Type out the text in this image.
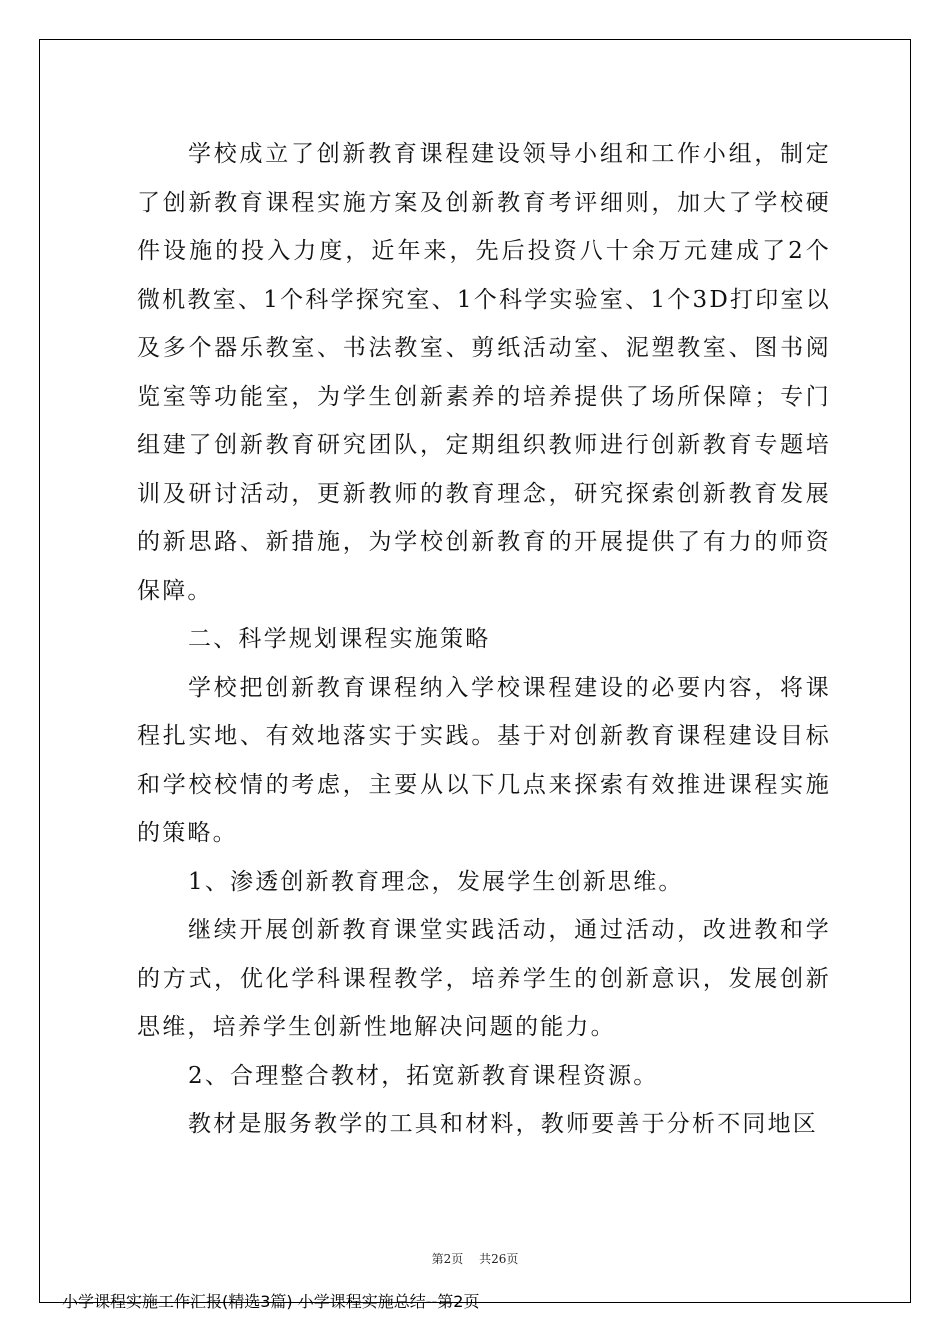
学校成立了创新教育课程建设领导小组和工作小组，制定了创新教育课程实施方案及创新教育考评细则，加大了学校硬件设施的投入力度，近年来，先后投资八十余万元建成了2个微机教室、1个科学探究室、1个科学实验室、1个3D打印室以及多个器乐教室、书法教室、剪纸活动室、泥塑教室、图书阅览室等功能室，为学生创新素养的培养提供了场所保障；专门组建了创新教育研究团队，定期组织教师进行创新教育专题培训及研讨活动，更新教师的教育理念，研究探索创新教育发展的新思路、新措施，为学校创新教育的开展提供了有力的师资保障。

二、科学规划课程实施策略

学校把创新教育课程纳入学校课程建设的必要内容，将课程扎实地、有效地落实于实践。基于对创新教育课程建设目标和学校校情的考虑，主要从以下几点来探索有效推进课程实施的策略。

1、渗透创新教育理念，发展学生创新思维。

继续开展创新教育课堂实践活动，通过活动，改进教和学的方式，优化学科课程教学，培养学生的创新意识，发展创新思维，培养学生创新性地解决问题的能力。

2、合理整合教材，拓宽新教育课程资源。

教材是服务教学的工具和材料，教师要善于分析不同地区

第2页 共26页
小学课程实施工作汇报(精选3篇) 小学课程实施总结--第2页
